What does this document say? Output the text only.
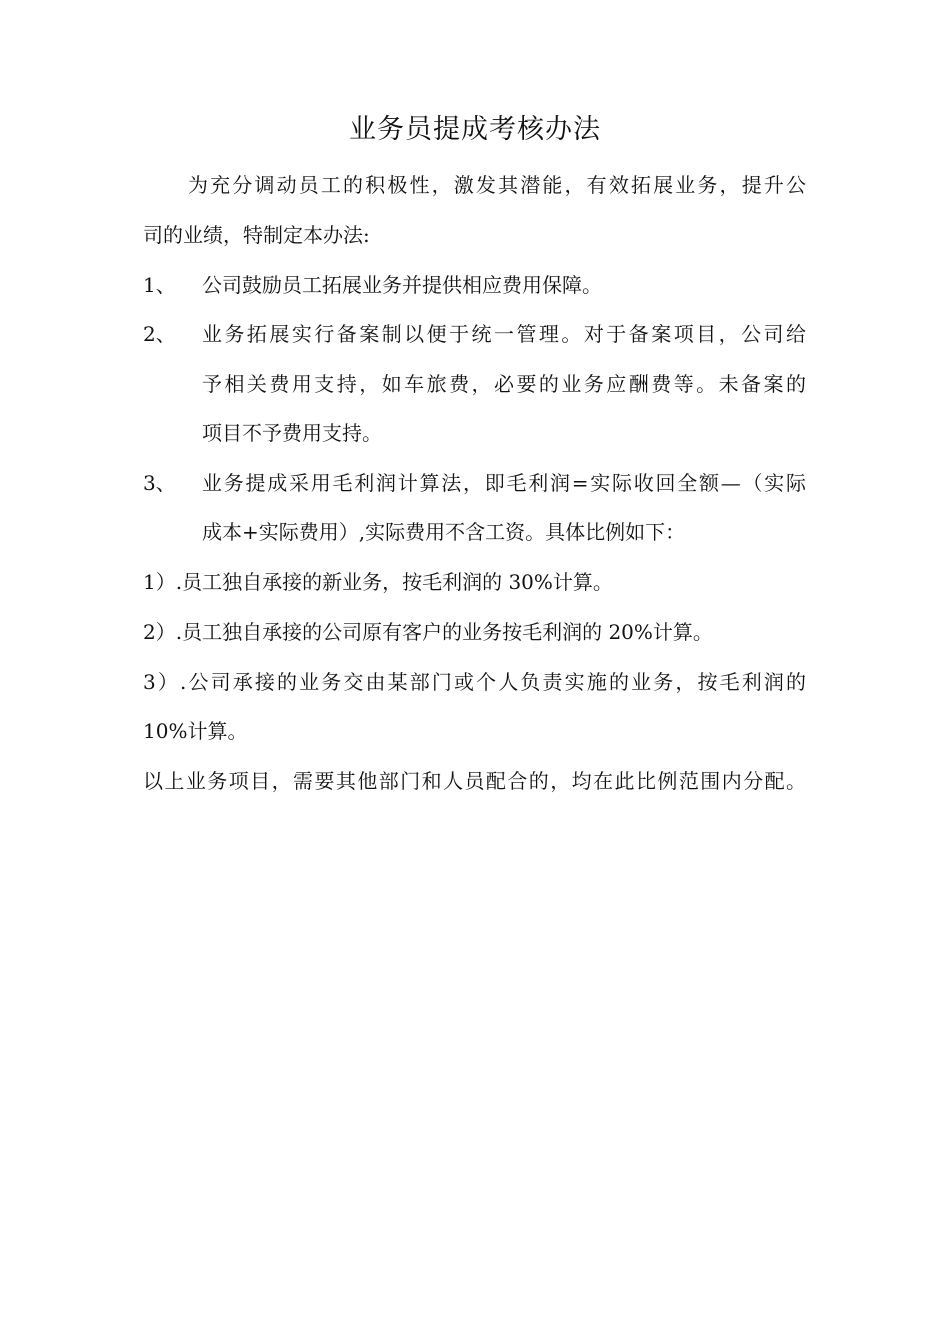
业务员提成考核办法
为充分调动员工的积极性，激发其潜能，有效拓展业务，提升公
司的业绩，特制定本办法:
1、 公司鼓励员工拓展业务并提供相应费用保障。
2、 业务拓展实行备案制以便于统一管理。对于备案项目，公司给
予相关费用支持，如车旅费，必要的业务应酬费等。未备案的
项目不予费用支持。
3、 业务提成采用毛利润计算法，即毛利润=实际收回全额—（实际
成本+实际费用）,实际费用不含工资。具体比例如下：
1）.员工独自承接的新业务，按毛利润的 30%计算。
2）.员工独自承接的公司原有客户的业务按毛利润的 20%计算。
3）.公司承接的业务交由某部门或个人负责实施的业务，按毛利润的
10%计算。
以上业务项目，需要其他部门和人员配合的，均在此比例范围内分配。
